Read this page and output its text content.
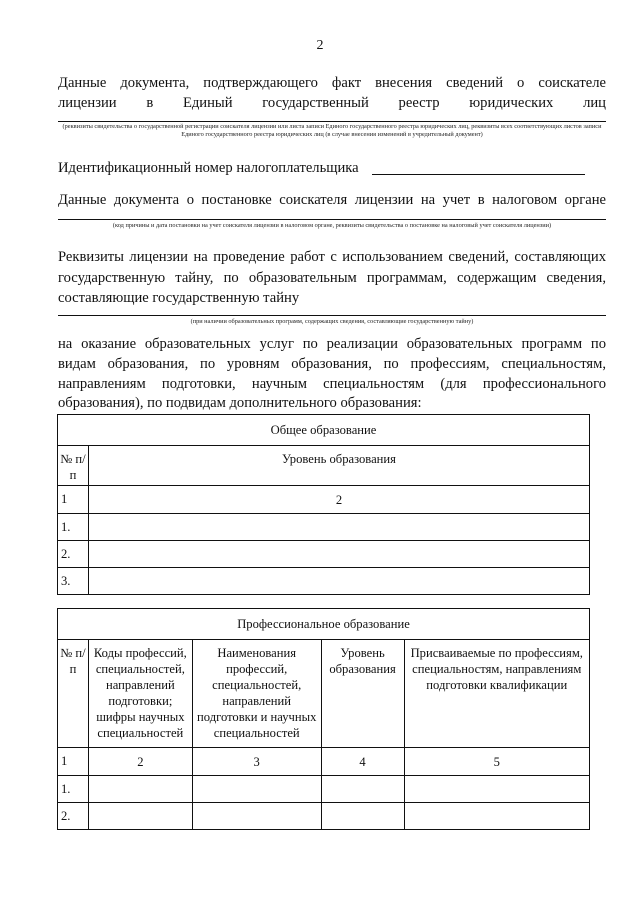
2
Данные документа, подтверждающего факт внесения сведений о соискателе
лицензии в Единый государственный реестр юридических лиц
(реквизиты свидетельства о государственной регистрации соискателя лицензии или листа записи Единого государственного реестра юридических лиц, реквизиты всех соответствующих листов записи Единого государственного реестра юридических лиц (в случае внесения изменений в учредительный документ)
Идентификационный номер налогоплательщика
Данные документа о постановке соискателя лицензии на учет в налоговом органе
(код причины и дата постановки на учет соискателя лицензии в налоговом органе, реквизиты свидетельства о постановке на налоговый учет соискателя лицензии)
Реквизиты лицензии на проведение работ с использованием сведений, составляющих государственную тайну, по образовательным программам, содержащим сведения, составляющие государственную тайну
(при наличии образовательных программ, содержащих сведения, составляющие государственную тайну)
на оказание образовательных услуг по реализации образовательных программ по видам образования, по уровням образования, по профессиям, специальностям, направлениям подготовки, научным специальностям (для профессионального образования), по подвидам дополнительного образования:
Общее образование	
№ п/п	Уровень образования
1	2
1.	
2.	
3.	
Профессиональное образование				
№ п/п	Коды профессий, специальностей, направлений подготовки; шифры научных специальностей	Наименования профессий, специальностей, направлений подготовки и научных специальностей	Уровень образования	Присваиваемые по профессиям, специальностям, направлениям подготовки квалификации
1	2	3	4	5
1.				
2.				
